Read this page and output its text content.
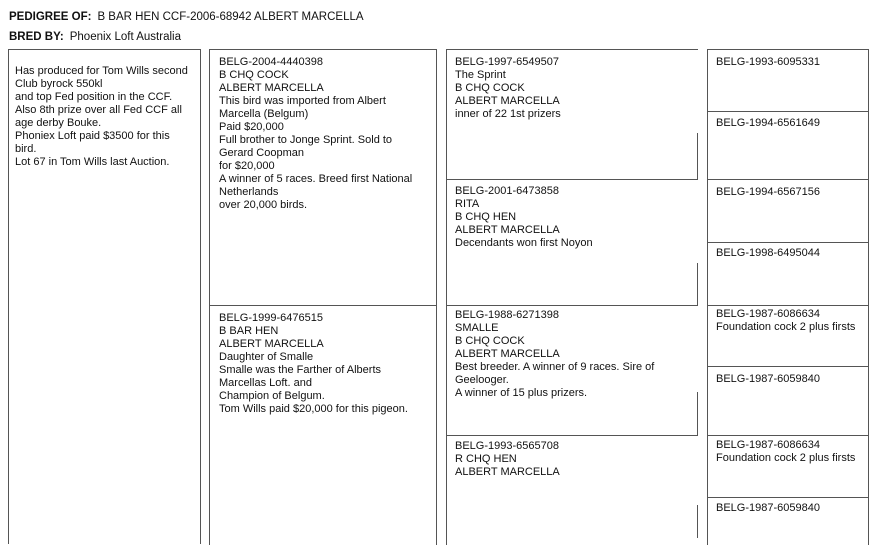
PEDIGREE OF: B BAR HEN CCF-2006-68942 ALBERT MARCELLA
BRED BY: Phoenix Loft Australia
Has produced for Tom Wills second
Club byrock 550kl
and top Fed position in the CCF.
Also 8th prize over all Fed CCF all
age derby Bouke.
Phoniex Loft paid $3500 for this
bird.
Lot 67 in Tom Wills last Auction.
BELG-2004-4440398
B CHQ COCK
ALBERT MARCELLA
This bird was imported from Albert
Marcella (Belgum)
Paid $20,000
Full brother to Jonge Sprint. Sold to
Gerard Coopman
for $20,000
A winner of 5 races. Breed first National
Netherlands
over 20,000 birds.
BELG-1999-6476515
B BAR HEN
ALBERT MARCELLA
Daughter of Smalle
Smalle was the Farther of Alberts
Marcellas Loft. and
Champion of Belgum.
Tom Wills paid $20,000 for this pigeon.
BELG-1997-6549507
The Sprint
B CHQ COCK
ALBERT MARCELLA
inner of 22 1st prizers
BELG-2001-6473858
RITA
B CHQ HEN
ALBERT MARCELLA
Decendants won first Noyon
BELG-1988-6271398
SMALLE
B CHQ COCK
ALBERT MARCELLA
Best breeder. A winner of 9 races. Sire of
Geelooger.
A winner of 15 plus prizers.
BELG-1993-6565708
R CHQ HEN
ALBERT MARCELLA
BELG-1993-6095331
BELG-1994-6561649
BELG-1994-6567156
BELG-1998-6495044
BELG-1987-6086634
Foundation cock 2 plus firsts
BELG-1987-6059840
BELG-1987-6086634
Foundation cock 2 plus firsts
BELG-1987-6059840
